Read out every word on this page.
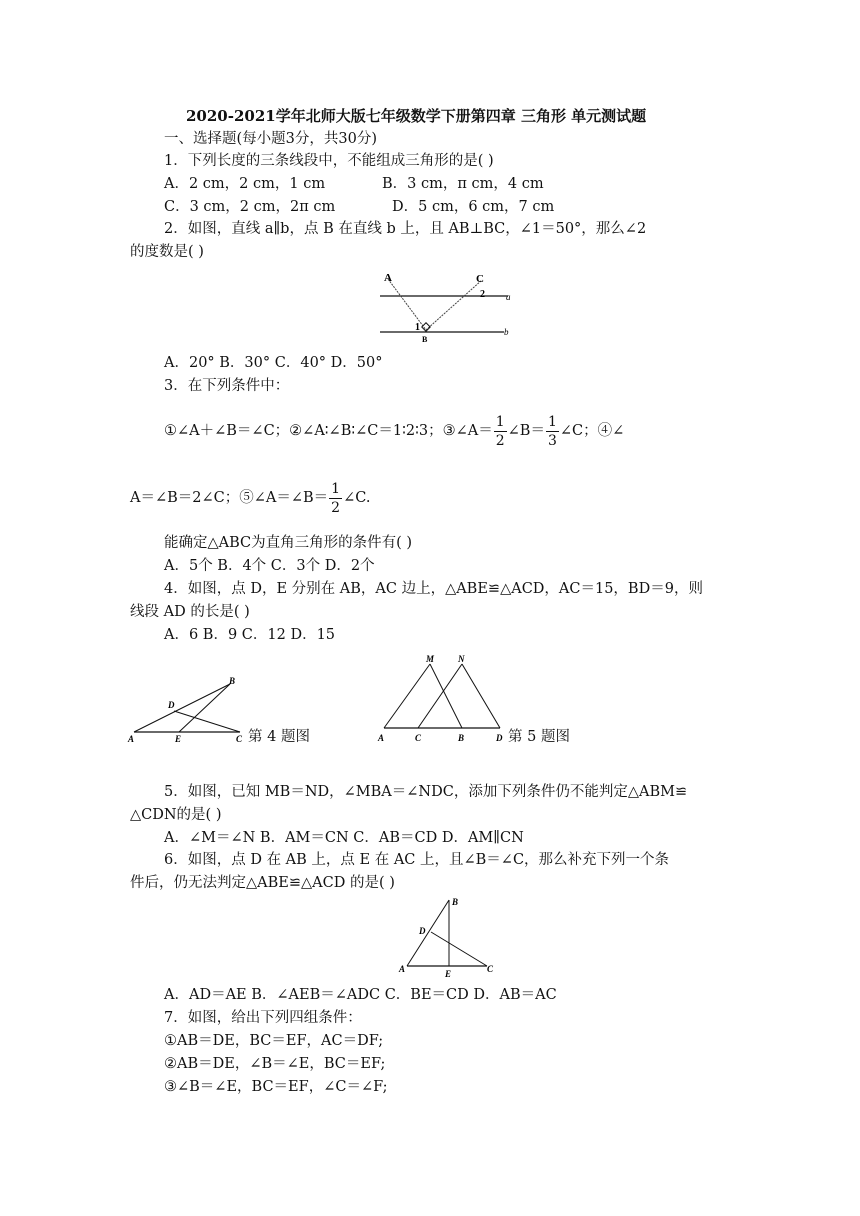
2020-2021学年北师大版七年级数学下册第四章 三角形 单元测试题
一、选择题(每小题3分，共30分)
1．下列长度的三条线段中，不能组成三角形的是( )
A．2 cm，2 cm，1 cm	B．3 cm，π cm，4 cm
C．3 cm，2 cm，2π cm	D．5 cm，6 cm，7 cm
2．如图，直线 a∥b，点 B 在直线 b 上，且 AB⊥BC，∠1＝50°，那么∠2
的度数是( )
A	C
B
a
b
1
2
A．20° B．30° C．40° D．50°
3．在下列条件中：
①∠A＋∠B＝∠C；②∠A∶∠B∶∠C＝1∶2∶3；③∠A＝ $\frac{1}{2}$ ∠B＝ $\frac{1}{3}$ ∠C；④∠
A＝∠B＝2∠C；⑤∠A＝∠B＝ $\frac{1}{2}$ ∠C.
能确定△ABC为直角三角形的条件有( )
A．5个 B．4个 C．3个 D．2个
4．如图，点 D，E 分别在 AB，AC 边上，△ABE≌△ACD，AC＝15，BD＝9，则
线段 AD 的长是( )
A．6 B．9 C．12 D．15
A
B
C
D
E	第 4 题图
M	N
A	C	B	D 第 5 题图
5．如图，已知 MB＝ND，∠MBA＝∠NDC，添加下列条件仍不能判定△ABM≌
△CDN的是( )
A．∠M＝∠N B．AM＝CN C．AB＝CD D．AM∥CN
6．如图，点 D 在 AB 上，点 E 在 AC 上，且∠B＝∠C，那么补充下列一个条
件后，仍无法判定△ABE≌△ACD 的是( )
A
B
C
D
E
A．AD＝AE B．∠AEB＝∠ADC C．BE＝CD D．AB＝AC
7．如图，给出下列四组条件：
①AB＝DE，BC＝EF，AC＝DF;
②AB＝DE，∠B＝∠E，BC＝EF;
③∠B＝∠E，BC＝EF，∠C＝∠F;
